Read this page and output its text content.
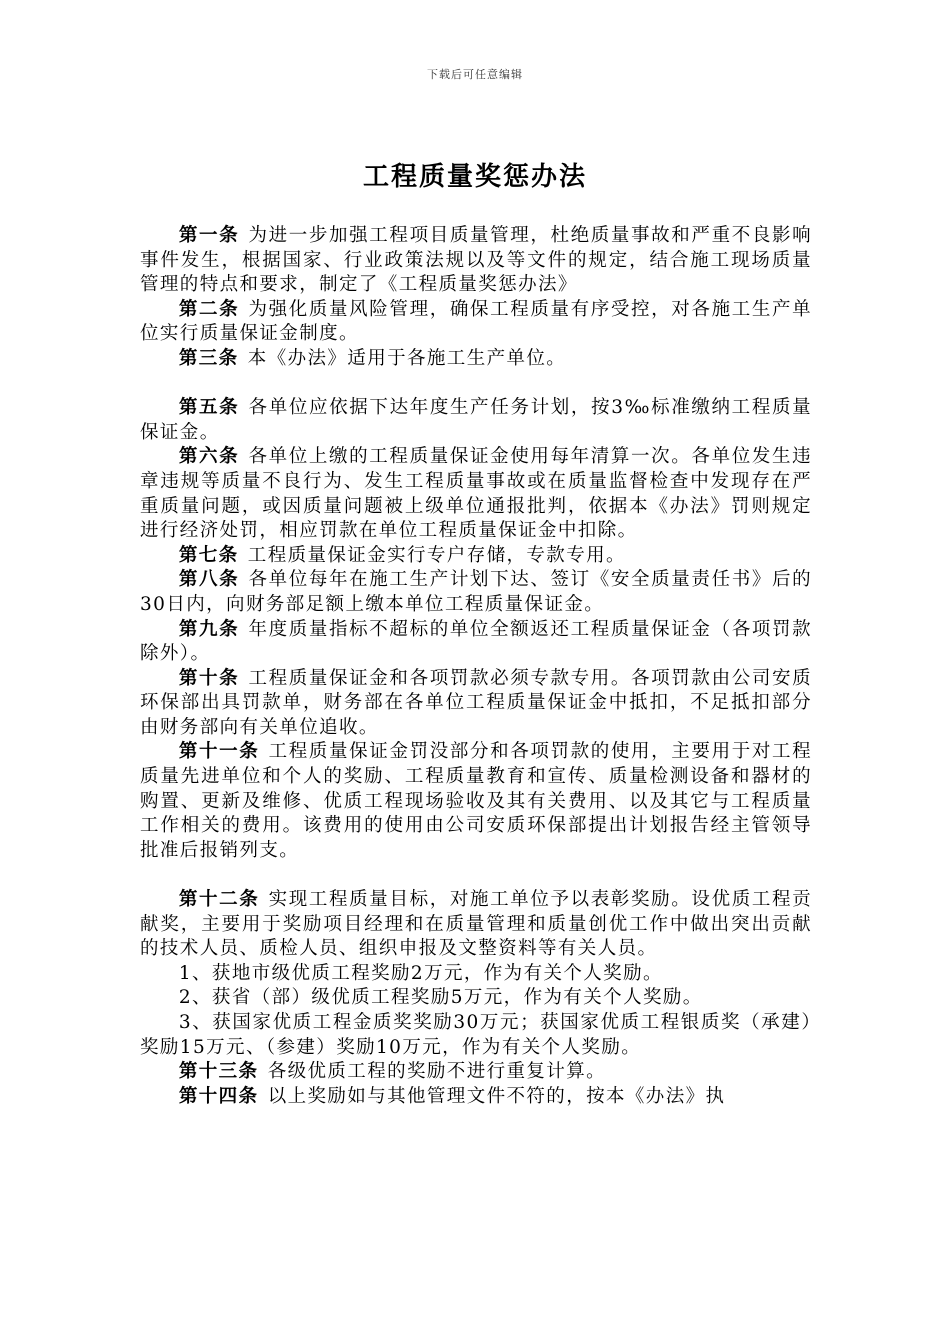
下载后可任意编辑
工程质量奖惩办法

第一条 为进一步加强工程项目质量管理，杜绝质量事故和严重不良影响事件发生，根据国家、行业政策法规以及等文件的规定，结合施工现场质量管理的特点和要求，制定了《工程质量奖惩办法》

第二条 为强化质量风险管理，确保工程质量有序受控，对各施工生产单位实行质量保证金制度。

第三条 本《办法》适用于各施工生产单位。

第五条 各单位应依据下达年度生产任务计划，按3‰标准缴纳工程质量保证金。

第六条 各单位上缴的工程质量保证金使用每年清算一次。各单位发生违章违规等质量不良行为、发生工程质量事故或在质量监督检查中发现存在严重质量问题，或因质量问题被上级单位通报批判，依据本《办法》罚则规定进行经济处罚，相应罚款在单位工程质量保证金中扣除。

第七条 工程质量保证金实行专户存储，专款专用。

第八条 各单位每年在施工生产计划下达、签订《安全质量责任书》后的30日内，向财务部足额上缴本单位工程质量保证金。

第九条 年度质量指标不超标的单位全额返还工程质量保证金（各项罚款除外）。

第十条 工程质量保证金和各项罚款必须专款专用。各项罚款由公司安质环保部出具罚款单，财务部在各单位工程质量保证金中抵扣，不足抵扣部分由财务部向有关单位追收。

第十一条 工程质量保证金罚没部分和各项罚款的使用，主要用于对工程质量先进单位和个人的奖励、工程质量教育和宣传、质量检测设备和器材的购置、更新及维修、优质工程现场验收及其有关费用、以及其它与工程质量工作相关的费用。该费用的使用由公司安质环保部提出计划报告经主管领导批准后报销列支。

第十二条 实现工程质量目标，对施工单位予以表彰奖励。设优质工程贡献奖，主要用于奖励项目经理和在质量管理和质量创优工作中做出突出贡献的技术人员、质检人员、组织申报及文整资料等有关人员。

1、获地市级优质工程奖励2万元，作为有关个人奖励。

2、获省（部）级优质工程奖励5万元，作为有关个人奖励。

3、获国家优质工程金质奖奖励30万元；获国家优质工程银质奖（承建）奖励15万元、（参建）奖励10万元，作为有关个人奖励。

第十三条 各级优质工程的奖励不进行重复计算。

第十四条 以上奖励如与其他管理文件不符的，按本《办法》执
